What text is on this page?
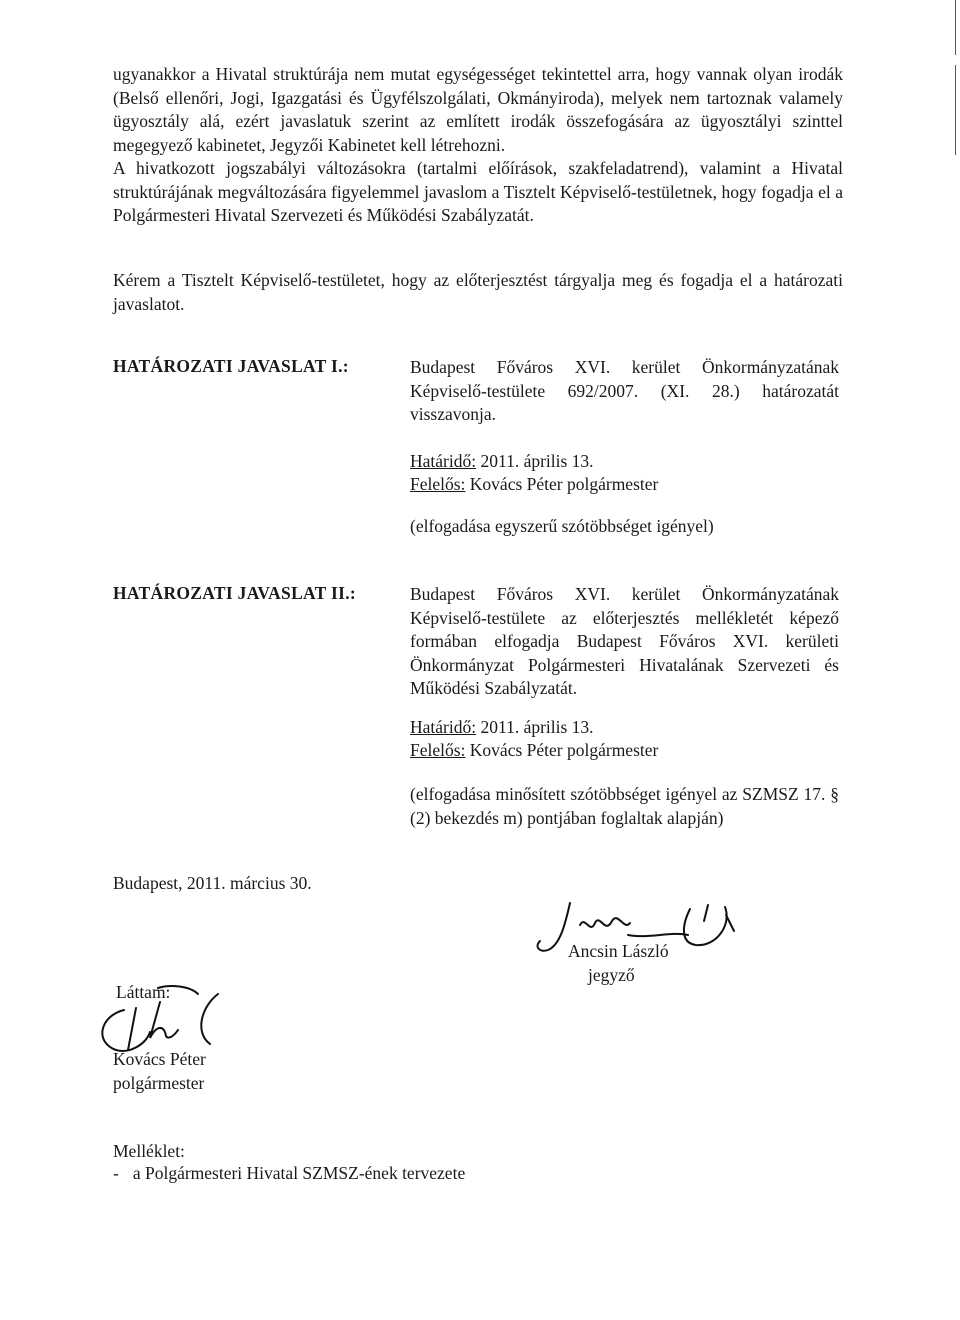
ugyanakkor a Hivatal struktúrája nem mutat egységességet tekintettel arra, hogy vannak olyan irodák (Belső ellenőri, Jogi, Igazgatási és Ügyfélszolgálati, Okmányiroda), melyek nem tartoznak valamely ügyosztály alá, ezért javaslatuk szerint az említett irodák összefogására az ügyosztályi szinttel megegyező kabinetet, Jegyzői Kabinetet kell létrehozni.

A hivatkozott jogszabályi változásokra (tartalmi előírások, szakfeladatrend), valamint a Hivatal struktúrájának megváltozására figyelemmel javaslom a Tisztelt Képviselő-testületnek, hogy fogadja el a Polgármesteri Hivatal Szervezeti és Működési Szabályzatát.

Kérem a Tisztelt Képviselő-testületet, hogy az előterjesztést tárgyalja meg és fogadja el a határozati javaslatot.

HATÁROZATI JAVASLAT I.:	Budapest Főváros XVI. kerület Önkormányzatának Képviselő-testülete 692/2007. (XI. 28.) határozatát visszavonja.

Határidő: 2011. április 13.

Felelős: Kovács Péter polgármester

(elfogadása egyszerű szótöbbséget igényel)

HATÁROZATI JAVASLAT II.:	Budapest Főváros XVI. kerület Önkormányzatának Képviselő-testülete az előterjesztés mellékletét képező formában elfogadja Budapest Főváros XVI. kerületi Önkormányzat Polgármesteri Hivatalának Szervezeti és Működési Szabályzatát.

Határidő: 2011. április 13.

Felelős: Kovács Péter polgármester

(elfogadása minősített szótöbbséget igényel az SZMSZ 17. § (2) bekezdés m) pontjában foglaltak alapján)

Budapest, 2011. március 30.

Ancsin László

jegyző

Láttam:

Kovács Péter

polgármester

Melléklet:

- a Polgármesteri Hivatal SZMSZ-ének tervezete
